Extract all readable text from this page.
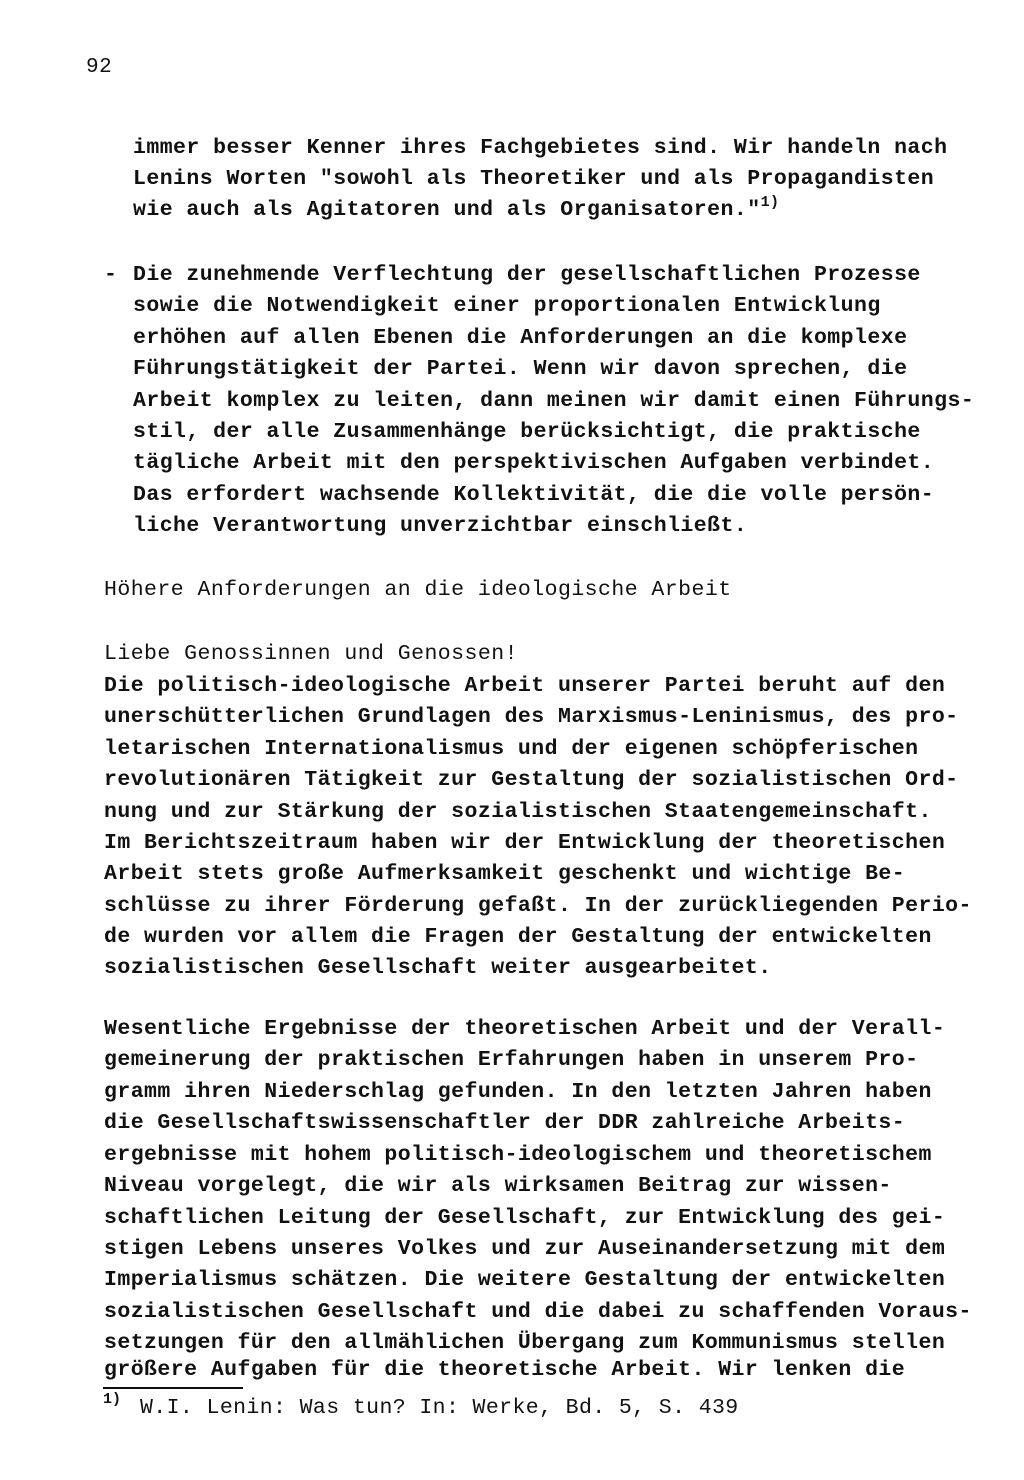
92
immer besser Kenner ihres Fachgebietes sind. Wir handeln nach
Lenins Worten "sowohl als Theoretiker und als Propagandisten
wie auch als Agitatoren und als Organisatoren."$^{1)}$
- Die zunehmende Verflechtung der gesellschaftlichen Prozesse
sowie die Notwendigkeit einer proportionalen Entwicklung
erhöhen auf allen Ebenen die Anforderungen an die komplexe
Führungstätigkeit der Partei. Wenn wir davon sprechen, die
Arbeit komplex zu leiten, dann meinen wir damit einen Führungs-
stil, der alle Zusammenhänge berücksichtigt, die praktische
tägliche Arbeit mit den perspektivischen Aufgaben verbindet.
Das erfordert wachsende Kollektivität, die die volle persön-
liche Verantwortung unverzichtbar einschließt.
Höhere Anforderungen an die ideologische Arbeit
Liebe Genossinnen und Genossen!
Die politisch-ideologische Arbeit unserer Partei beruht auf den
unerschütterlichen Grundlagen des Marxismus-Leninismus, des pro-
letarischen Internationalismus und der eigenen schöpferischen
revolutionären Tätigkeit zur Gestaltung der sozialistischen Ord-
nung und zur Stärkung der sozialistischen Staatengemeinschaft.
Im Berichtszeitraum haben wir der Entwicklung der theoretischen
Arbeit stets große Aufmerksamkeit geschenkt und wichtige Be-
schlüsse zu ihrer Förderung gefaßt. In der zurückliegenden Perio-
de wurden vor allem die Fragen der Gestaltung der entwickelten
sozialistischen Gesellschaft weiter ausgearbeitet.
Wesentliche Ergebnisse der theoretischen Arbeit und der Verall-
gemeinerung der praktischen Erfahrungen haben in unserem Pro-
gramm ihren Niederschlag gefunden. In den letzten Jahren haben
die Gesellschaftswissenschaftler der DDR zahlreiche Arbeits-
ergebnisse mit hohem politisch-ideologischem und theoretischem
Niveau vorgelegt, die wir als wirksamen Beitrag zur wissen-
schaftlichen Leitung der Gesellschaft, zur Entwicklung des gei-
stigen Lebens unseres Volkes und zur Auseinandersetzung mit dem
Imperialismus schätzen. Die weitere Gestaltung der entwickelten
sozialistischen Gesellschaft und die dabei zu schaffenden Voraus-
setzungen für den allmählichen Übergang zum Kommunismus stellen
größere Aufgaben für die theoretische Arbeit. Wir lenken die
1) W.I. Lenin: Was tun? In: Werke, Bd. 5, S. 439
